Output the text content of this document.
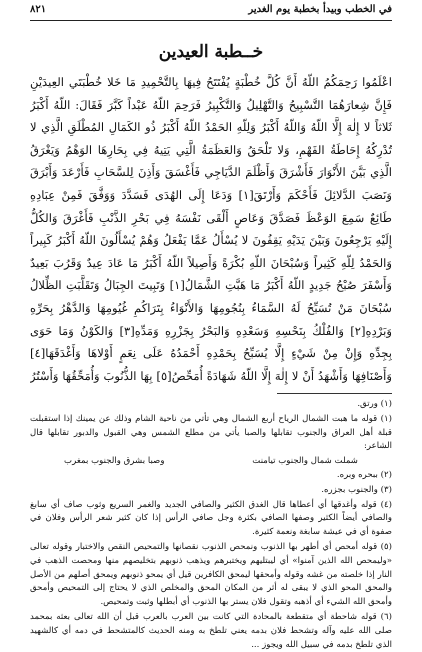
في الخطب وبيدأ بخطبة يوم الغدير
٨٢١
خــطبة العيدين
اعْلَمُوا رَحِمَكُمُ اللّهُ أَنَّ كُلَّ خُطْبَةٍ يُفْتَتَحُ فِيهَا بِالتَّحْمِيدِ مَا خَلا خُطْبَتَي العِيدَيْنِ فَإِنَّ شِعارَهُمَا التَّسْبِيحُ وَالتَّهْلِيلُ وَالتَّكْبِيرُ فَرَحِمَ اللّهُ عَبْداً كَبَّرَ فَقَالَ: اللّهُ أَكْبَرُ ثَلاثاً لا إِلٰهَ إِلَّا اللّهُ وَاللّهُ أَكْبَرُ وَلِلّهِ الحَمْدُ اللّهُ أَكْبَرُ ذُو الكَمَالِ المُطْلَقِ الَّذِي لا تُدْرِكُهُ إِحَاطَةُ الفَهْمِ، وَلا تَلْحَقُ وَالعَظَمَةُ الَّتِي يَتِيهُ فِي بِحَارِهَا الوَهْمُ وَيَغْرَقُ الَّذِي بَيَّنَ الأَنْوَارَ فَأَشْرَقَ وَأَظْلَمَ الدَّيَاجِي فَأَغْسَقَ وَأَذِنَ لِلسَّحَابِ فَأَرْعَدَ وَأَبْرَقَ وَنَصَبَ الدَّلائِلَ فَأَحْكَمَ وَأَرْتَقَ[١] وَدَعَا إِلَى الهُدَى فَسَدَّدَ وَوَفَّقَ فَمِنْ عِبَادِهِ طَائِعٌ سَمِعَ الوَعْظَ فَصَدَّقَ وَعَاصٍ أَلْقَى نَفْسَهُ فِي بَحْرِ الذَّنْبِ فَأَغْرَقَ وَالكُلُّ إِلَيْهِ يَرْجِعُونَ وَبَيْنَ يَدَيْهِ يَقِفُونَ لا يُسْأَلُ عَمَّا يَفْعَلُ وَهُمْ يُسْأَلُونَ اللّهُ أَكْبَرُ كَبِيراً وَالحَمْدُ لِلّهِ كَثِيراً وَسُبْحَانَ اللّهِ بُكْرَةً وَأَصِيلاً اللّهُ أَكْبَرُ مَا عَادَ عِيدٌ وَقَرُبَ بَعِيدٌ وَأَسْفَرَ صُبْحُ جَدِيدٍ اللّهُ أَكْبَرُ مَا هَبَّتِ الشَّمَالُ[١] وَتَبِيتَ الجِبَالُ وَتَقَلَّبَتِ الظِّلالُ سُبْحَانَ مَنْ تُسَبِّحُ لَهُ السَّمَاءُ بِنُجُومِهَا وَالأَنْوَاءُ بِتَرَاكُمِ غُيُومِهَا وَالدَّهْرُ بِحَرِّهِ وَبَرْدِهِ[٢] وَالفُلْكُ بِنَحْسِهِ وَسَعْدِهِ وَالبَحْرُ بِجَزْرِهِ وَمَدِّهِ[٣] وَالكَوْنُ وَمَا حَوَى بِجِدِّهِ وَإِنْ مِنْ شَيْءٍ إِلَّا يُسَبِّحُ بِحَمْدِهِ أَحْمَدُهُ عَلَى نِعَمٍ أَوْلاهَا وَأَغْدَقَهَا[٤] وَأَصْنَافِهَا وَأَشْهَدُ أَنْ لا إِلٰهَ إِلَّا اللّهُ شَهَادَةً أُمَحِّصُ[٥] بِهَا الذُّنُوبَ وَأُمَحِّقُهَا وَأَسْتُرُ

(١) ورتق.

(١) قوله ما هبت الشمال الرياح أربع الشمال وهي تأتي من ناحية الشام وذلك عن يمينك إذا استقبلت قبلة أهل العراق والجنوب تقابلها والصبا يأتي من مطلع الشمس وهي القبول والدبور تقابلها قال الشاعر:

شملت شمال والجنوب تيامنت
وصبا بشرق والجنوب بمغرب

(٢) ببحره وبره.

(٣) والجنوب بجزره.

(٤) قوله وأغدقها أي أعطاها قال الغدق الكثير والصافي الجديد والغمر السريع وثوب صاف أي سابغ والصافي أيضاً الكثير وصفها الصافي بكثرة وجل صافي الرأس إذا كان كثير شعر الرأس وفلان في صفوة أي في عيشة سابغة ونعمة كثيرة.

(٥) قوله أمحص أي أطهر بها الذنوب ونمحص الذنوب نقصانها والتمحيص النقص والاختبار وقوله تعالى «وليمحص الله الذين آمنوا» أي ليبتليهم ويختبرهم ويذهب ذنوبهم بتخليصهم منها ومحصت الذهب في النار إذا خلصته من غشه وقوله وأمحقها ليمحق الكافرين قيل أي يمحو ذنوبهم ويمحق أصلهم من الأصل والمحق المحو الذي لا يبقى له أثر من المكان المحق والمخلص الذي لا يحتاج إلى التمحيص وأمحق وأمحق الله الشيء أي أذهبه وتقول فلان يستر بها الذنوب أي أبطلها وثبت وتمحيص.

(٦) قوله شاحطة أي متقطعة بالمحادة التي كانت بين العرب بالعرب قبل أن الله تعالى بعثه بمحمد صلى الله عليه وآله وتشحط فلان بدمه يعني تلطخ به ومنه الحديث كالمتشحط في دمه أي كالشهيد الذي تلطخ بدمه في سبيل الله ويجوز ...
